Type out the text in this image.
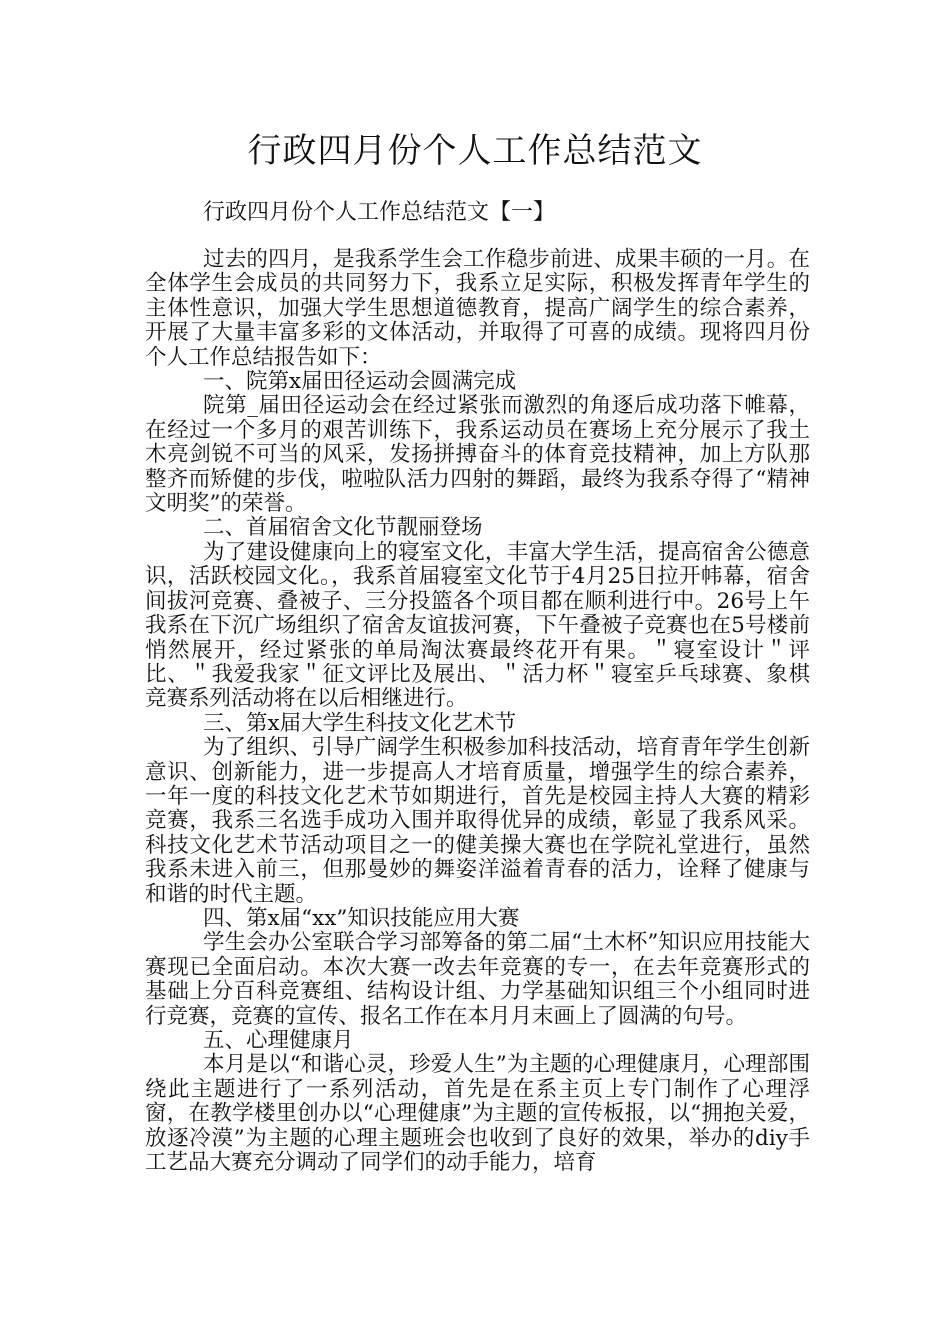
行政四月份个人工作总结范文
行政四月份个人工作总结范文【一】

过去的四月，是我系学生会工作稳步前进、成果丰硕的一月。在全体学生会成员的共同努力下，我系立足实际，积极发挥青年学生的主体性意识，加强大学生思想道德教育，提高广阔学生的综合素养，开展了大量丰富多彩的文体活动，并取得了可喜的成绩。现将四月份个人工作总结报告如下：

一、院第x届田径运动会圆满完成

院第_届田径运动会在经过紧张而激烈的角逐后成功落下帷幕，在经过一个多月的艰苦训练下，我系运动员在赛场上充分展示了我土木亮剑锐不可当的风采，发扬拼搏奋斗的体育竞技精神，加上方队那整齐而矫健的步伐，啦啦队活力四射的舞蹈，最终为我系夺得了“精神文明奖”的荣誉。

二、首届宿舍文化节靓丽登场

为了建设健康向上的寝室文化，丰富大学生活，提高宿舍公德意识，活跃校园文化。，我系首届寝室文化节于4月25日拉开帏幕，宿舍间拔河竞赛、叠被子、三分投篮各个项目都在顺利进行中。26号上午我系在下沉广场组织了宿舍友谊拔河赛，下午叠被子竞赛也在5号楼前悄然展开，经过紧张的单局淘汰赛最终花开有果。＂寝室设计＂评比、＂我爱我家＂征文评比及展出、＂活力杯＂寝室乒乓球赛、象棋竞赛系列活动将在以后相继进行。

三、第x届大学生科技文化艺术节

为了组织、引导广阔学生积极参加科技活动，培育青年学生创新意识、创新能力，进一步提高人才培育质量，增强学生的综合素养，一年一度的科技文化艺术节如期进行，首先是校园主持人大赛的精彩竞赛，我系三名选手成功入围并取得优异的成绩，彰显了我系风采。科技文化艺术节活动项目之一的健美操大赛也在学院礼堂进行，虽然我系未进入前三，但那曼妙的舞姿洋溢着青春的活力，诠释了健康与和谐的时代主题。

四、第x届“xx”知识技能应用大赛

学生会办公室联合学习部筹备的第二届“土木杯”知识应用技能大赛现已全面启动。本次大赛一改去年竞赛的专一，在去年竞赛形式的基础上分百科竞赛组、结构设计组、力学基础知识组三个小组同时进行竞赛，竞赛的宣传、报名工作在本月月末画上了圆满的句号。

五、心理健康月

本月是以“和谐心灵，珍爱人生”为主题的心理健康月，心理部围绕此主题进行了一系列活动，首先是在系主页上专门制作了心理浮窗，在教学楼里创办以“心理健康”为主题的宣传板报，以“拥抱关爱，放逐冷漠”为主题的心理主题班会也收到了良好的效果，举办的diy手工艺品大赛充分调动了同学们的动手能力，培育
